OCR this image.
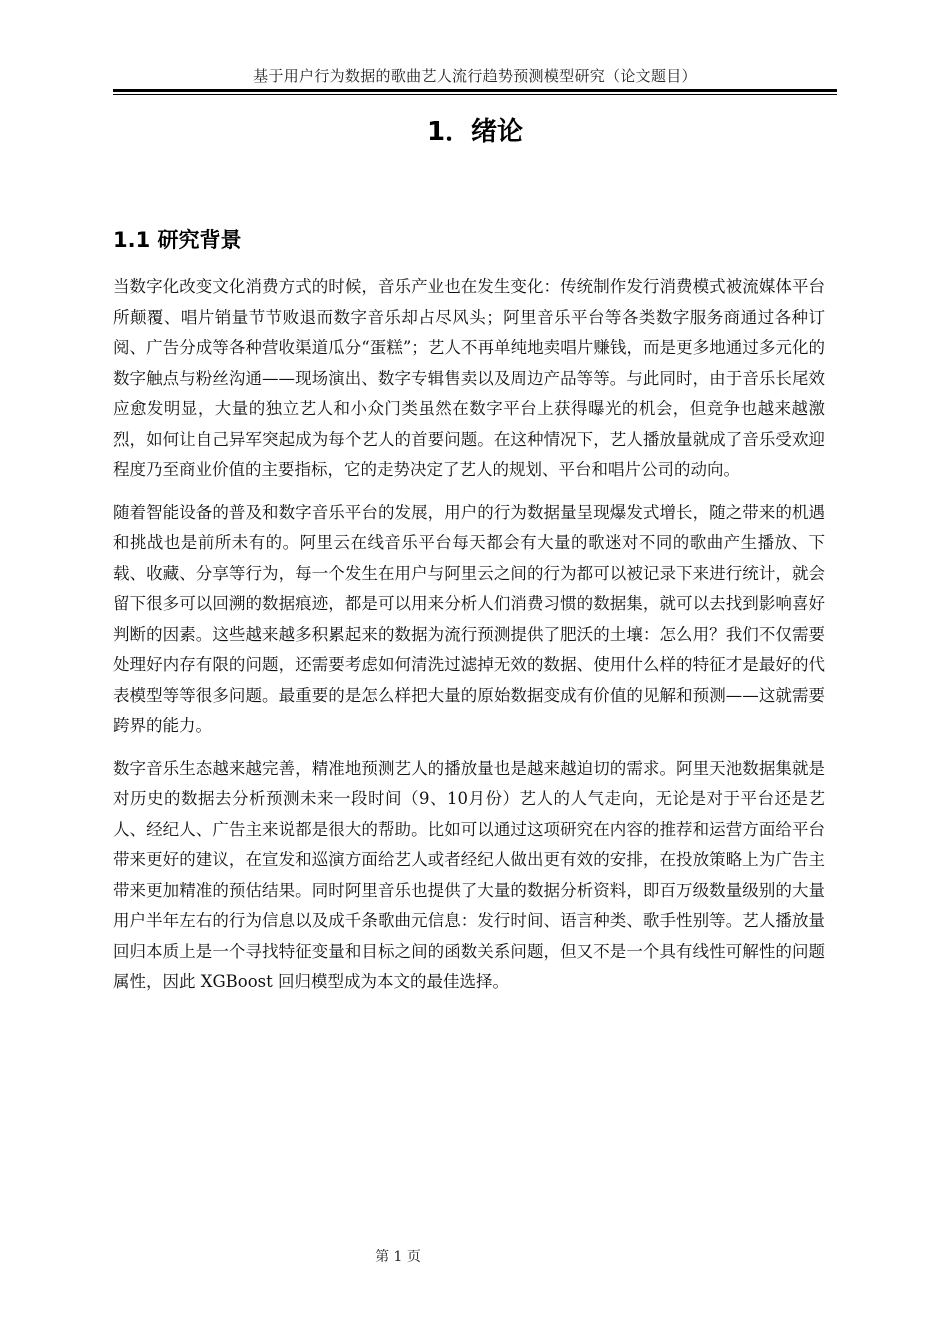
基于用户行为数据的歌曲艺人流行趋势预测模型研究（论文题目）
1．绪论
1.1 研究背景

当数字化改变文化消费方式的时候，音乐产业也在发生变化：传统制作发行消费模式被流媒体平台所颠覆、唱片销量节节败退而数字音乐却占尽风头；阿里音乐平台等各类数字服务商通过各种订阅、广告分成等各种营收渠道瓜分“蛋糕”；艺人不再单纯地卖唱片赚钱，而是更多地通过多元化的数字触点与粉丝沟通——现场演出、数字专辑售卖以及周边产品等等。与此同时，由于音乐长尾效应愈发明显，大量的独立艺人和小众门类虽然在数字平台上获得曝光的机会，但竞争也越来越激烈，如何让自己异军突起成为每个艺人的首要问题。在这种情况下，艺人播放量就成了音乐受欢迎程度乃至商业价值的主要指标，它的走势决定了艺人的规划、平台和唱片公司的动向。

随着智能设备的普及和数字音乐平台的发展，用户的行为数据量呈现爆发式增长，随之带来的机遇和挑战也是前所未有的。阿里云在线音乐平台每天都会有大量的歌迷对不同的歌曲产生播放、下载、收藏、分享等行为，每一个发生在用户与阿里云之间的行为都可以被记录下来进行统计，就会留下很多可以回溯的数据痕迹，都是可以用来分析人们消费习惯的数据集，就可以去找到影响喜好判断的因素。这些越来越多积累起来的数据为流行预测提供了肥沃的土壤：怎么用？我们不仅需要处理好内存有限的问题，还需要考虑如何清洗过滤掉无效的数据、使用什么样的特征才是最好的代表模型等等很多问题。最重要的是怎么样把大量的原始数据变成有价值的见解和预测——这就需要跨界的能力。

数字音乐生态越来越完善，精准地预测艺人的播放量也是越来越迫切的需求。阿里天池数据集就是对历史的数据去分析预测未来一段时间（9、10月份）艺人的人气走向，无论是对于平台还是艺人、经纪人、广告主来说都是很大的帮助。比如可以通过这项研究在内容的推荐和运营方面给平台带来更好的建议，在宣发和巡演方面给艺人或者经纪人做出更有效的安排，在投放策略上为广告主带来更加精准的预估结果。同时阿里音乐也提供了大量的数据分析资料，即百万级数量级别的大量用户半年左右的行为信息以及成千条歌曲元信息：发行时间、语言种类、歌手性别等。艺人播放量回归本质上是一个寻找特征变量和目标之间的函数关系问题，但又不是一个具有线性可解性的问题属性，因此 XGBoost 回归模型成为本文的最佳选择。

第 1 页
